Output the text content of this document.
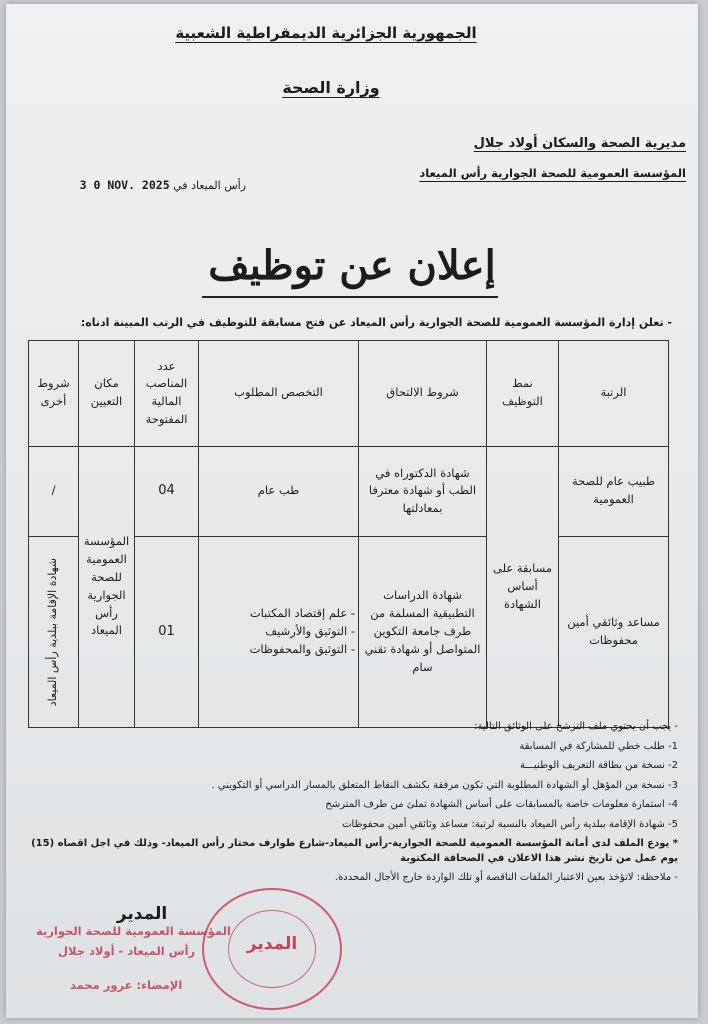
الجمهورية الجزائرية الديمقراطية الشعبية
وزارة الصحة
مديرية الصحة والسكان أولاد جلال
المؤسسة العمومية للصحة الجوارية رأس الميعاد
3 0 NOV. 2025 رأس الميعاد في
إعلان عن توظيف
- تعلن إدارة المؤسسة العمومية للصحة الجوارية رأس الميعاد عن فتح مسابقة للتوظيف في الرتب المبينة ادناه:
الرتبة	نمط التوظيف	شروط الالتحاق	التخصص المطلوب	عدد المناصب المالية المفتوحة	مكان التعيين	شروط أخرى
طبيب عام للصحة العمومية	مسابقة على أساس الشهادة	شهادة الدكتوراه في الطب أو شهادة معترفا بمعادلتها	طب عام	04	المؤسسة العمومية للصحة الجوارية رأس الميعاد	/
مساعد وثائقي أمين محفوظات		شهادة الدراسات التطبيقية المسلمة من طرف جامعة التكوين المتواصل أو شهادة تقني سام	- علم إقتصاد المكتبات
- التوثيق والأرشيف
- التوثيق والمحفوظات	01		شهادة الإقامة ببلدية رأس الميعاد
- يجب أن يحتوي ملف الترشح على الوثائق التالية:
1- طلب خطي للمشاركة في المسابقة
2- نسخة من بطاقة التعريف الوطنيـــة
3- نسخة من المؤهل أو الشهادة المطلوبة التي تكون مرفقة بكشف النقاط المتعلق بالمسار الدراسي أو التكويني .
4- استمارة معلومات خاصة بالمسابقات على أساس الشهادة تملئ من طرف المترشح
5- شهادة الإقامة ببلدية رأس الميعاد بالنسبة لرتبة: مساعد وثائقي أمين محفوظات
* يودع الملف لدى أمانة المؤسسة العمومية للصحة الجوارية-رأس الميعاد-شارع طوارف مختار رأس الميعاد- وذلك في اجل اقصاه (15) يوم عمل من تاريخ نشر هذا الاعلان في الصحافة المكتوبة
- ملاحظة: لاتؤخذ بعين الاعتبار الملفات الناقصة أو تلك الواردة خارج الأجال المحددة.
المدير
المؤسسة العمومية للصحة الجوارية
رأس الميعاد - أولاد جلال
الإمضاء: عرور محمد
المدير
